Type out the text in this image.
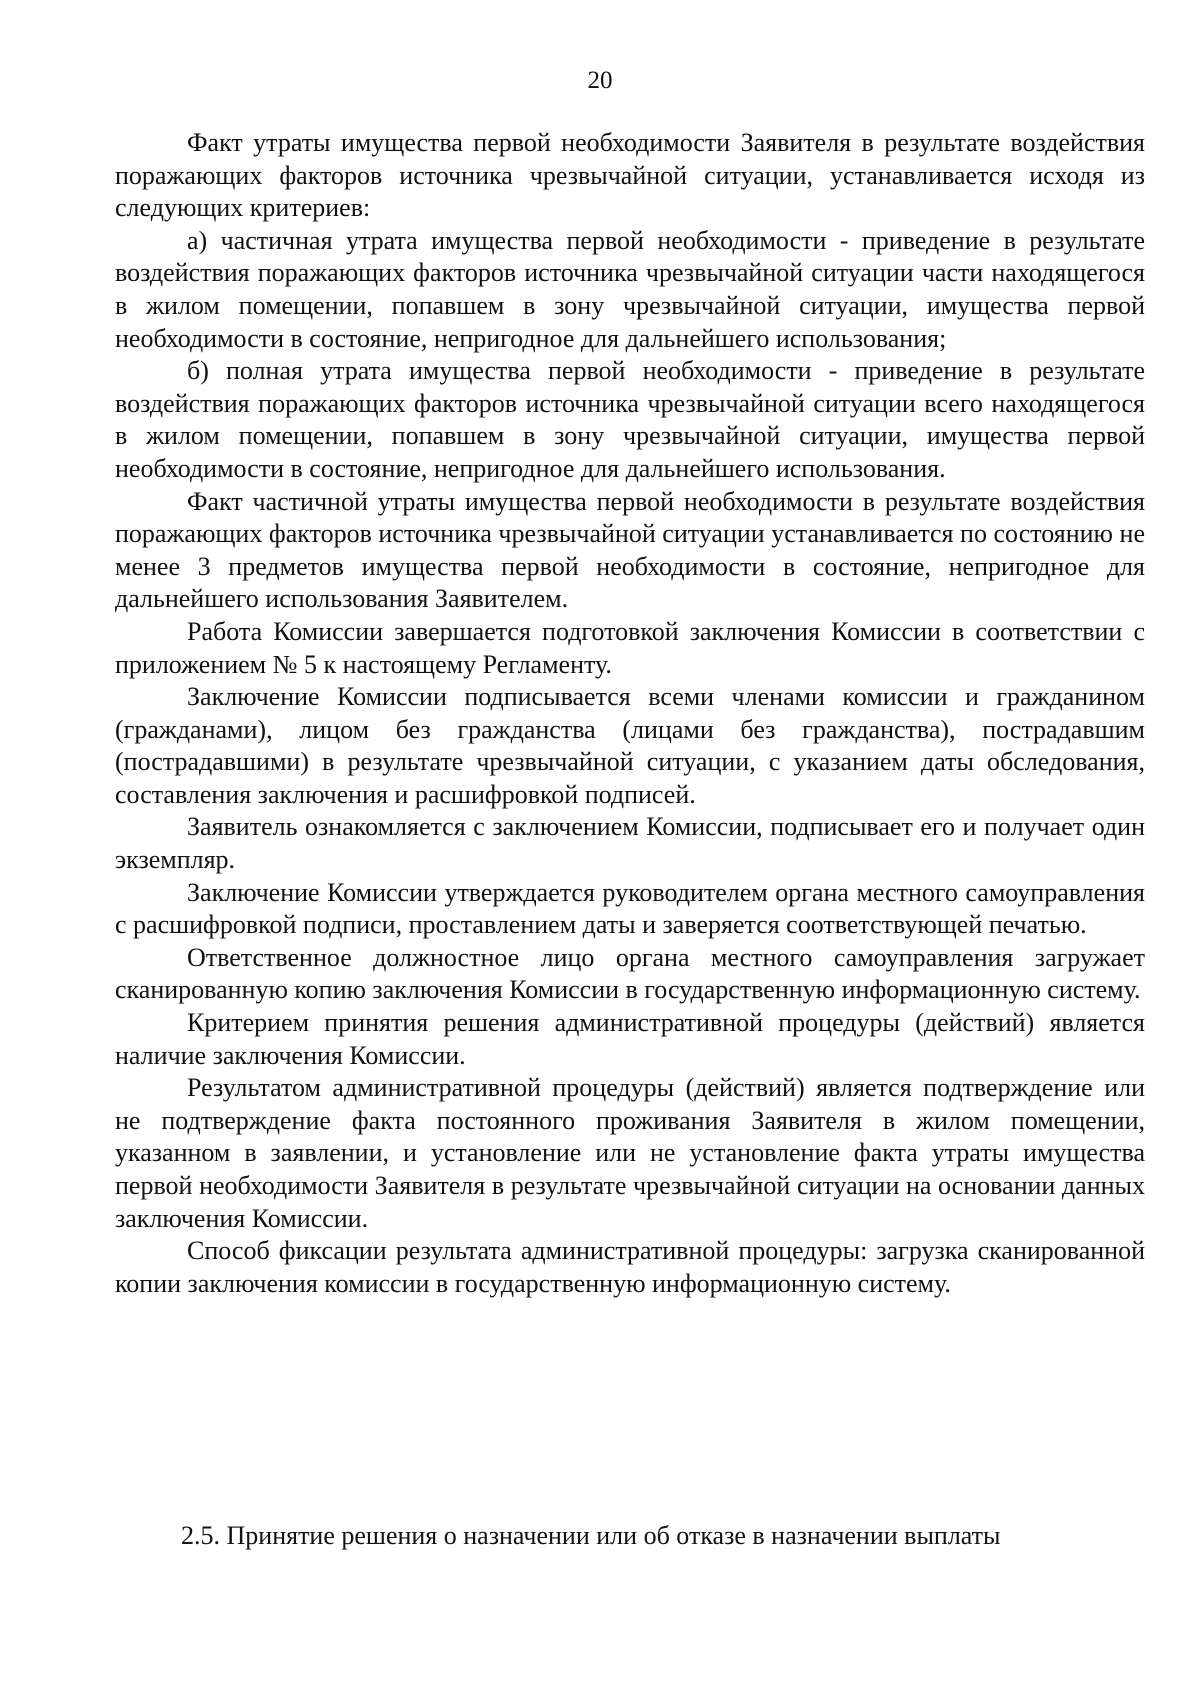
20

Факт утраты имущества первой необходимости Заявителя в результате воздействия поражающих факторов источника чрезвычайной ситуации, устанавливается исходя из следующих критериев:

а) частичная утрата имущества первой необходимости - приведение в результате воздействия поражающих факторов источника чрезвычайной ситуации части находящегося в жилом помещении, попавшем в зону чрезвычайной ситуации, имущества первой необходимости в состояние, непригодное для дальнейшего использования;

б) полная утрата имущества первой необходимости - приведение в результате воздействия поражающих факторов источника чрезвычайной ситуации всего находящегося в жилом помещении, попавшем в зону чрезвычайной ситуации, имущества первой необходимости в состояние, непригодное для дальнейшего использования.

Факт частичной утраты имущества первой необходимости в результате воздействия поражающих факторов источника чрезвычайной ситуации устанавливается по состоянию не менее 3 предметов имущества первой необходимости в состояние, непригодное для дальнейшего использования Заявителем.

Работа Комиссии завершается подготовкой заключения Комиссии в соответствии с приложением № 5 к настоящему Регламенту.

Заключение Комиссии подписывается всеми членами комиссии и гражданином (гражданами), лицом без гражданства (лицами без гражданства), пострадавшим (пострадавшими) в результате чрезвычайной ситуации, с указанием даты обследования, составления заключения и расшифровкой подписей.

Заявитель ознакомляется с заключением Комиссии, подписывает его и получает один экземпляр.

Заключение Комиссии утверждается руководителем органа местного самоуправления с расшифровкой подписи, проставлением даты и заверяется соответствующей печатью.

Ответственное должностное лицо органа местного самоуправления загружает сканированную копию заключения Комиссии в государственную информационную систему.

Критерием принятия решения административной процедуры (действий) является наличие заключения Комиссии.

Результатом административной процедуры (действий) является подтверждение или не подтверждение факта постоянного проживания Заявителя в жилом помещении, указанном в заявлении, и установление или не установление факта утраты имущества первой необходимости Заявителя в результате чрезвычайной ситуации на основании данных заключения Комиссии.

Способ фиксации результата административной процедуры: загрузка сканированной копии заключения комиссии в государственную информационную систему.

2.5. Принятие решения о назначении или об отказе в назначении выплаты
